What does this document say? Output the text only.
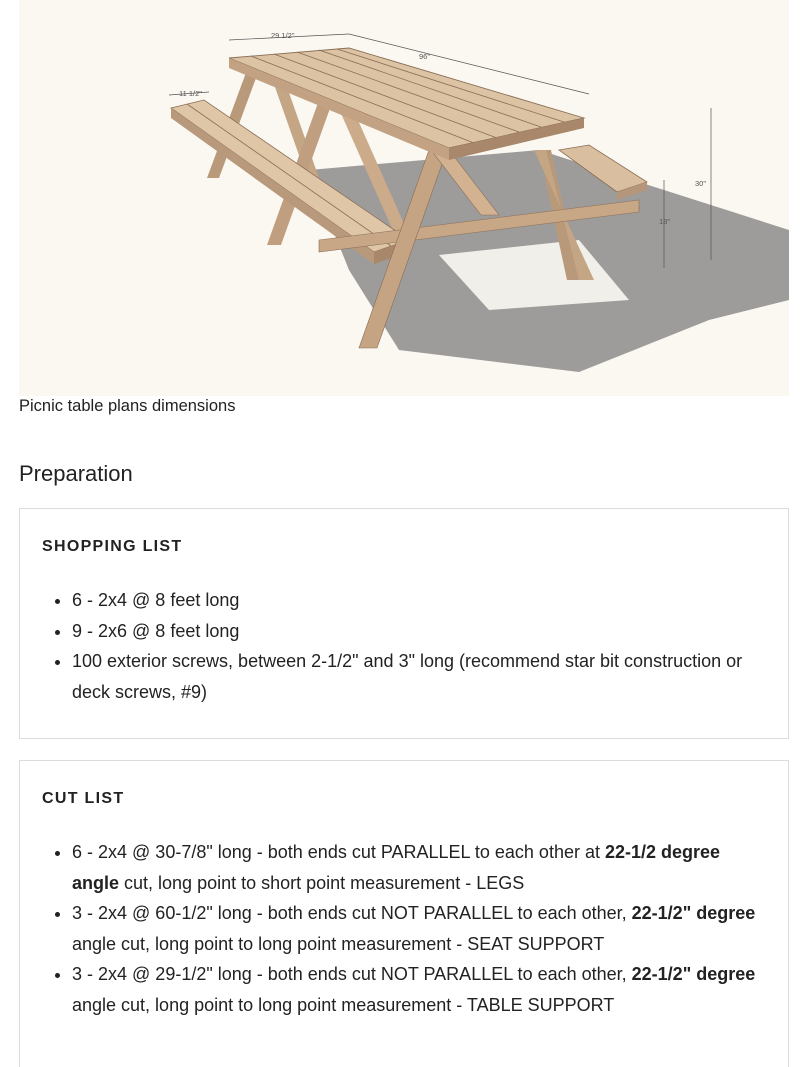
29 1/2"
96"
11 1/2"
30"
18"
Picnic table plans dimensions
Preparation
SHOPPING LIST
• 6 - 2x4 @ 8 feet long
• 9 - 2x6 @ 8 feet long
• 100 exterior screws, between 2-1/2" and 3" long (recommend star bit construction or deck screws, #9)
CUT LIST
• 6 - 2x4 @ 30-7/8" long - both ends cut PARALLEL to each other at 22-1/2 degree angle cut, long point to short point measurement - LEGS
• 3 - 2x4 @ 60-1/2" long - both ends cut NOT PARALLEL to each other, 22-1/2" degree angle cut, long point to long point measurement - SEAT SUPPORT
• 3 - 2x4 @ 29-1/2" long - both ends cut NOT PARALLEL to each other, 22-1/2" degree angle cut, long point to long point measurement - TABLE SUPPORT
